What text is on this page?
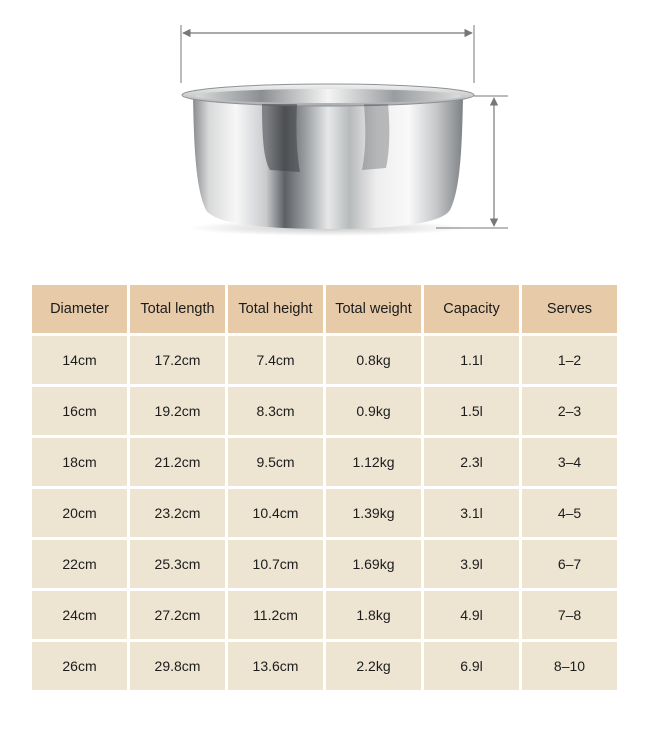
Diameter	Total length	Total height	Total weight	Capacity	Serves
14cm	17.2cm	7.4cm	0.8kg	1.1l	1–2
16cm	19.2cm	8.3cm	0.9kg	1.5l	2–3
18cm	21.2cm	9.5cm	1.12kg	2.3l	3–4
20cm	23.2cm	10.4cm	1.39kg	3.1l	4–5
22cm	25.3cm	10.7cm	1.69kg	3.9l	6–7
24cm	27.2cm	11.2cm	1.8kg	4.9l	7–8
26cm	29.8cm	13.6cm	2.2kg	6.9l	8–10
